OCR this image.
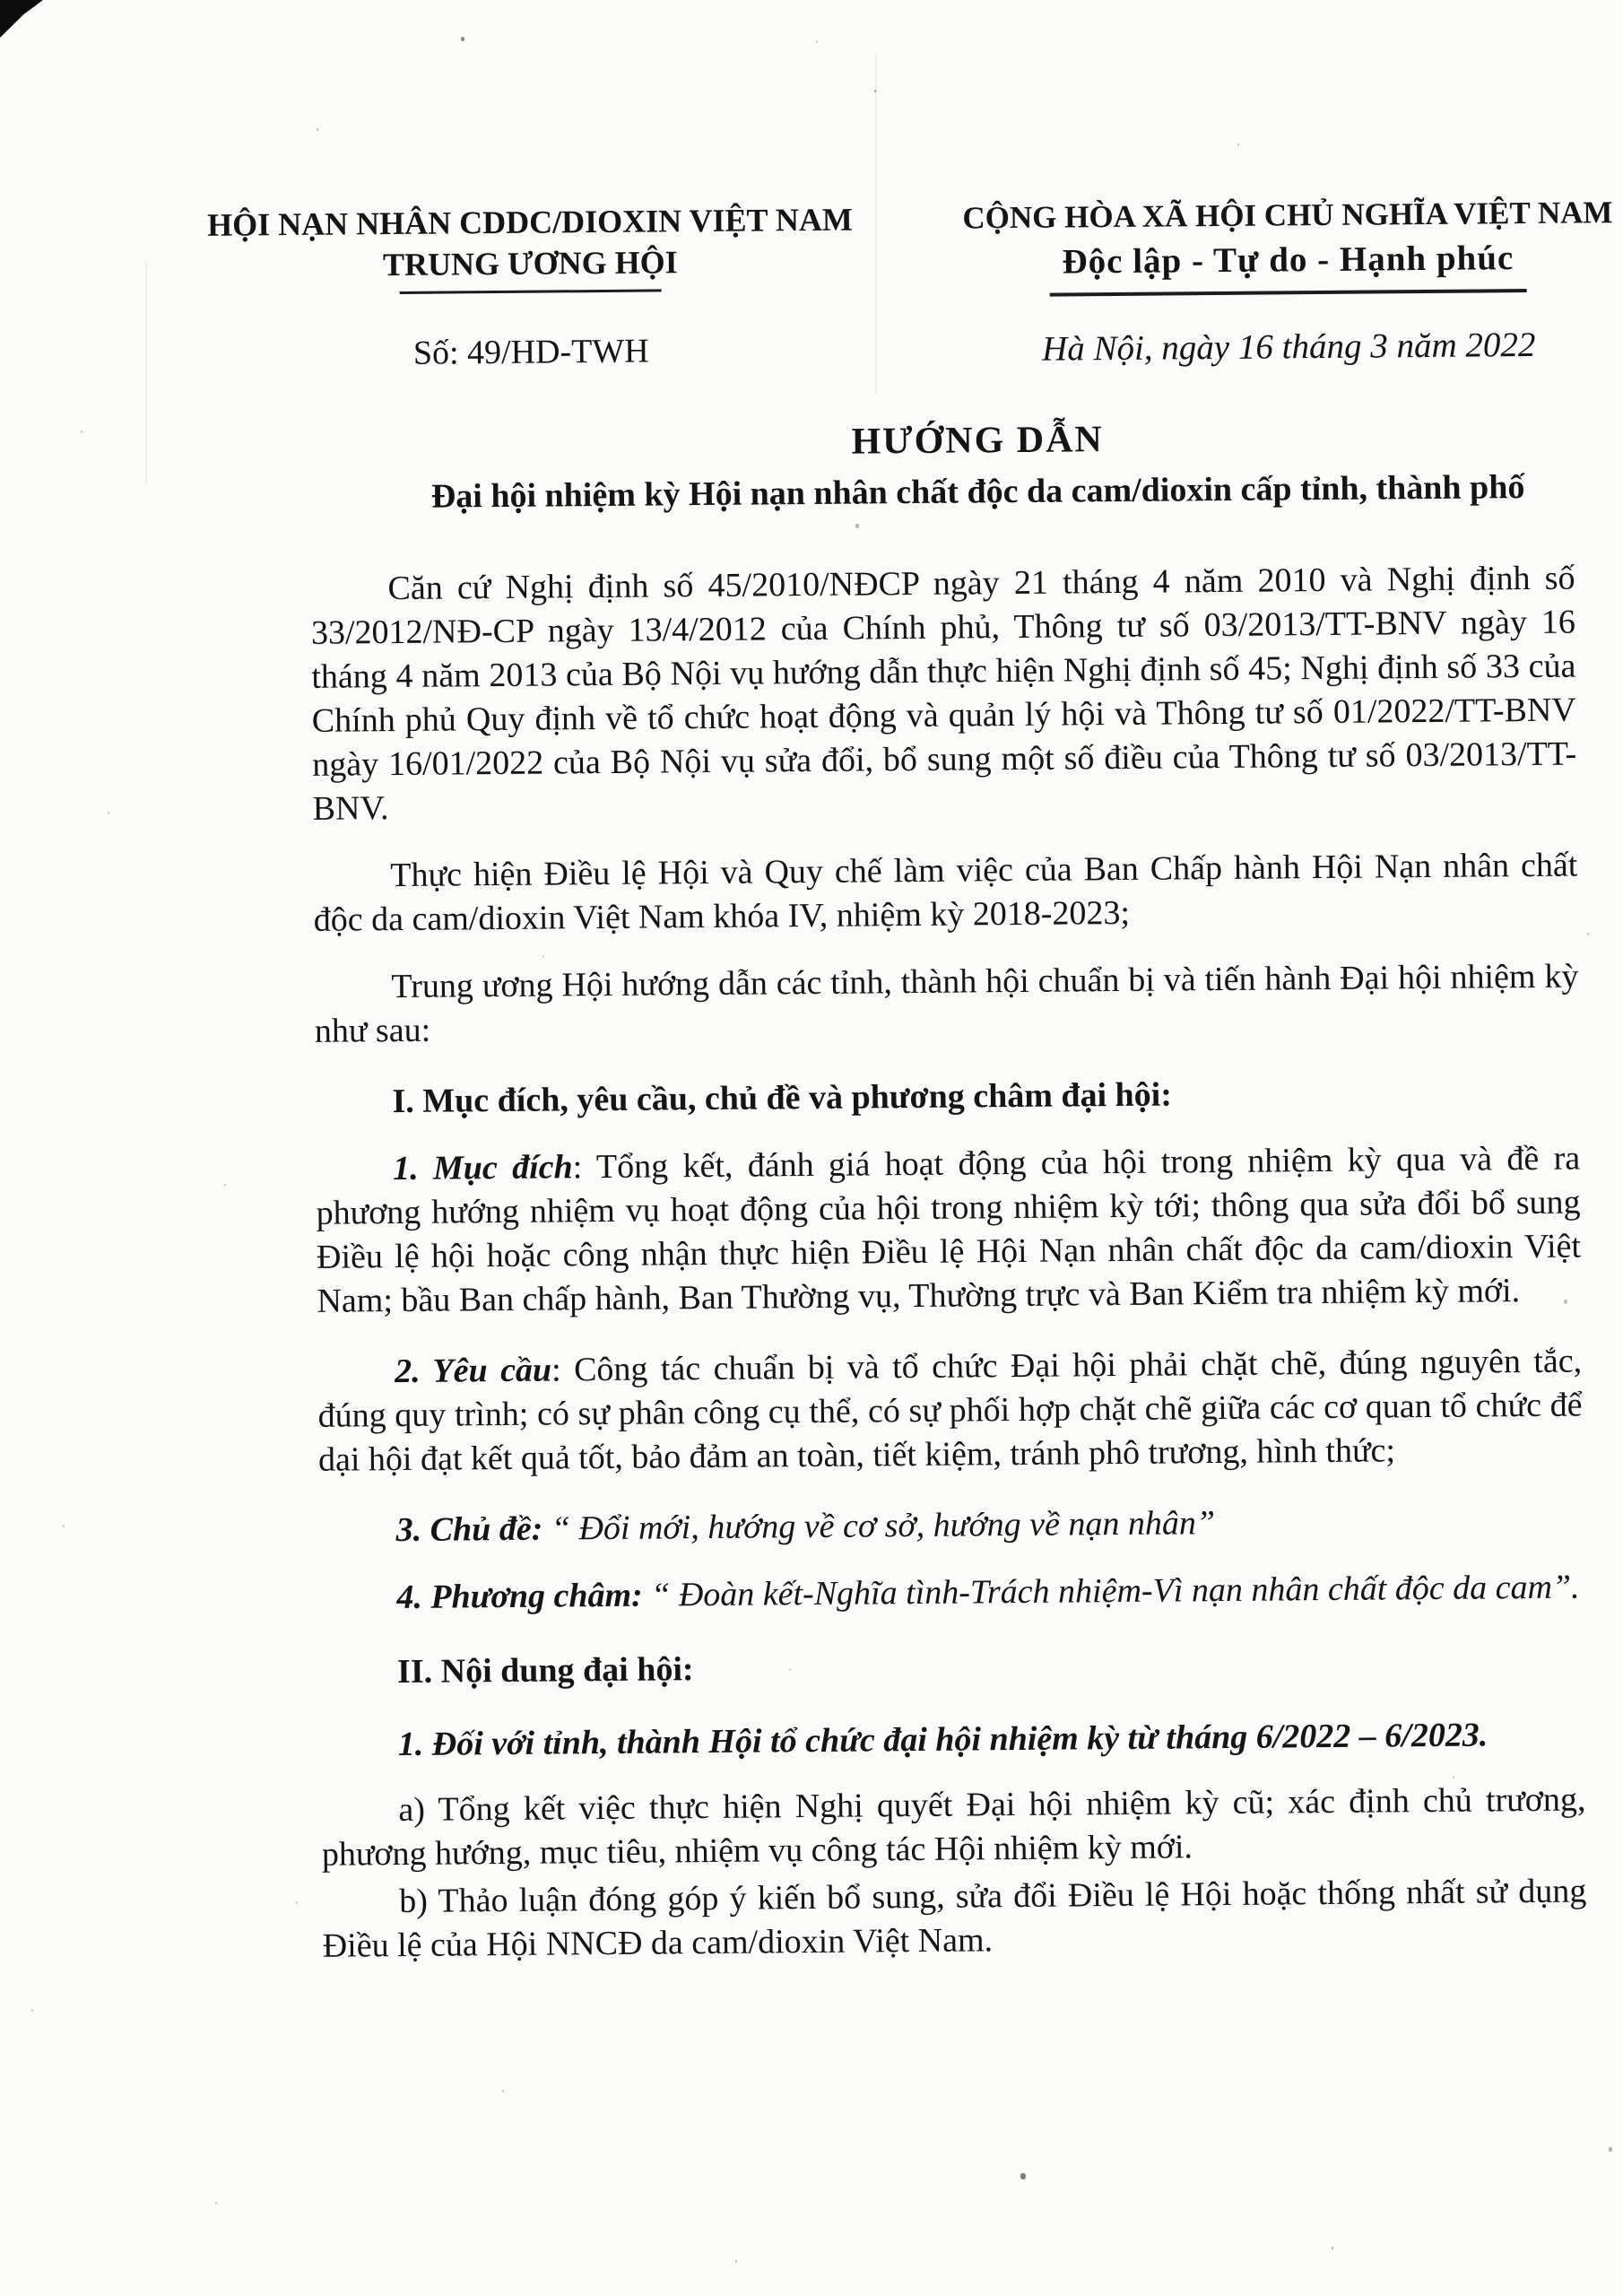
HỘI NẠN NHÂN CDDC/DIOXIN VIỆT NAM
TRUNG ƯƠNG HỘI
Số: 49/HD-TWH
CỘNG HÒA XÃ HỘI CHỦ NGHĨA VIỆT NAM
Độc lập - Tự do - Hạnh phúc
Hà Nội, ngày 16 tháng 3 năm 2022
HƯỚNG DẪN
Đại hội nhiệm kỳ Hội nạn nhân chất độc da cam/dioxin cấp tỉnh, thành phố

Căn cứ Nghị định số 45/2010/NĐCP ngày 21 tháng 4 năm 2010 và Nghị định số 33/2012/NĐ-CP ngày 13/4/2012 của Chính phủ, Thông tư số 03/2013/TT-BNV ngày 16 tháng 4 năm 2013 của Bộ Nội vụ hướng dẫn thực hiện Nghị định số 45; Nghị định số 33 của Chính phủ Quy định về tổ chức hoạt động và quản lý hội và Thông tư số 01/2022/TT-BNV ngày 16/01/2022 của Bộ Nội vụ sửa đổi, bổ sung một số điều của Thông tư số 03/2013/TT-BNV.

Thực hiện Điều lệ Hội và Quy chế làm việc của Ban Chấp hành Hội Nạn nhân chất độc da cam/dioxin Việt Nam khóa IV, nhiệm kỳ 2018-2023;

Trung ương Hội hướng dẫn các tỉnh, thành hội chuẩn bị và tiến hành Đại hội nhiệm kỳ như sau:

I. Mục đích, yêu cầu, chủ đề và phương châm đại hội:

1. Mục đích: Tổng kết, đánh giá hoạt động của hội trong nhiệm kỳ qua và đề ra phương hướng nhiệm vụ hoạt động của hội trong nhiệm kỳ tới; thông qua sửa đổi bổ sung Điều lệ hội hoặc công nhận thực hiện Điều lệ Hội Nạn nhân chất độc da cam/dioxin Việt Nam; bầu Ban chấp hành, Ban Thường vụ, Thường trực và Ban Kiểm tra nhiệm kỳ mới.

2. Yêu cầu: Công tác chuẩn bị và tổ chức Đại hội phải chặt chẽ, đúng nguyên tắc, đúng quy trình; có sự phân công cụ thể, có sự phối hợp chặt chẽ giữa các cơ quan tổ chức để dại hội đạt kết quả tốt, bảo đảm an toàn, tiết kiệm, tránh phô trương, hình thức;

3. Chủ đề: “ Đổi mới, hướng về cơ sở, hướng về nạn nhân”

4. Phương châm: “ Đoàn kết-Nghĩa tình-Trách nhiệm-Vì nạn nhân chất độc da cam”.

II. Nội dung đại hội:

1. Đối với tỉnh, thành Hội tổ chức đại hội nhiệm kỳ từ tháng 6/2022 – 6/2023.

a) Tổng kết việc thực hiện Nghị quyết Đại hội nhiệm kỳ cũ; xác định chủ trương, phương hướng, mục tiêu, nhiệm vụ công tác Hội nhiệm kỳ mới.

b) Thảo luận đóng góp ý kiến bổ sung, sửa đổi Điều lệ Hội hoặc thống nhất sử dụng Điều lệ của Hội NNCĐ da cam/dioxin Việt Nam.
